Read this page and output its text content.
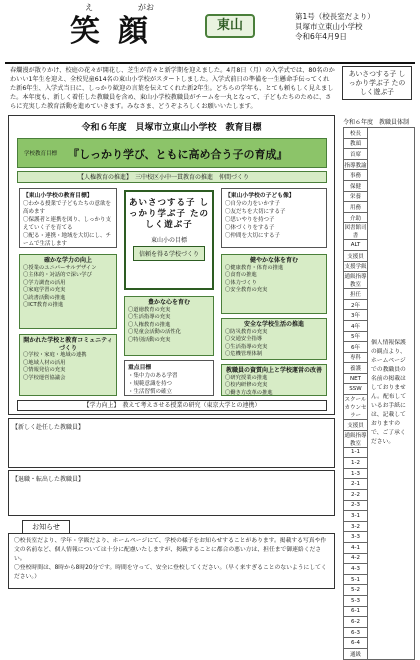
え	がお
笑顔	東山
第1号（校長室だより）
貝塚市立東山小学校
令和6年4月9日
春爛漫が散りかけ、校庭の花々が開花し、芝生が青々と新学期を迎えました。4月8日（月）の入学式では、80名のかわいい1年生を迎え、全校児童614名の東山小学校がスタートしました。入学式前日の準備を一生懸命手伝ってくれた新6年生、入学式当日に、しっかり歓迎の言葉を伝えてくれた新2年生。どちらの学年も、とても頼もしく見えました。本年度も、新しく着任した教職員を含め、東山小学校教職員がチームを一丸となって、子どもたちのために、さらに充実した教育活動を進めていきます。みなさま、どうぞよろしくお願いいたします。
あいさつする子 しっかり学ぶ子 たのしく遊ぶ子
令和６年度　貝塚市立東山小学校　教育目標
学校教育目標 『しっかり学び、ともに高め合う子の育成』
【人権教育の推進】　三中校区小中一貫教育の推進　仲間づくり
【東山小学校の教育目標】
〇わかる授業で子どもたちの意欲を高めます
〇保護者と連携を図り、しっかり支えていく子を育てる
〇配る・連携・地域を大切にし、チームで生活します
あいさつする子 しっかり学ぶ子 たのしく遊ぶ子
東山小の目標
信頼を得る学校づくり
【東山小学校の子ども像】
〇自分の力をいかす子
〇友だちを大切にする子
〇思いやりを持つ子
〇体づくりをする子
〇仲間を大切にする子
確かな学力の向上
〇授業のユニバーサルデザイン
〇主体的・対話的で深い学び
〇学力調査の活用
〇家庭学習の充実
〇読書活動の推進
〇ICT教育の推進	豊かな心を育む
〇道徳教育の充実
〇生活指導の充実
〇人権教育の推進
〇児童会活動の活性化
〇特別活動の充実
健やかな体を育む
〇健康教育・体育の推進
〇食育の推進
〇体力づくり
〇安全教育の充実
開かれた学校と教育コミュニティづくり
〇学校・家庭・地域の連携
〇地域人材の活用
〇情報発信の充実
〇学校運営協議会
重点目標
・集中力のある学習
・規範意識を持つ
・生活習慣の確立
安全な学校生活の推進
〇防災教育の充実
〇交通安全指導
〇生活指導の充実
〇危機管理体制
教職員の資質向上と学校運営の改善
〇研究授業の推進
〇校内研修の充実
〇働き方改革の推進
【学力向上】　教えて考えさせる授業の研究（東京大学との連携）
【新しく赴任した教職員】
【退職・転出した教職員】
令和６年度　教職員体制
校長	個人情報保護の観点より、ホームページでの教職員の名前の掲載はしておりません。配布しているお手紙には、記載しておりますので、ご了承ください。
教頭
首席
指導教諭
事務
保健
栄養
用務
介助
図書館司書
ALT
支援員
支援学級
通級指導教室
担任
2年
3年
4年
5年
6年
専科
養護
NET
SSW
スクールカウンセラー
支援員
通級指導教室
1-1
1-2
1-3
2-1
2-2
2-3
3-1
3-2
3-3
4-1
4-2
4-3
5-1
5-2
5-3
6-1
6-2
6-3
6-4
通級
お知らせ
〇校長室だより、学年・学級だより、ホームページにて、学校の様子をお知らせすることがあります。掲載する写真や作文の名前など、個人情報については十分に配慮いたしますが、掲載することに都合の悪い方は、担任まで御連絡ください。
〇登校時間は、8時から8時20分です。時間を守って、安全に登校してください。（早く来すぎることのないようにしてください。）
